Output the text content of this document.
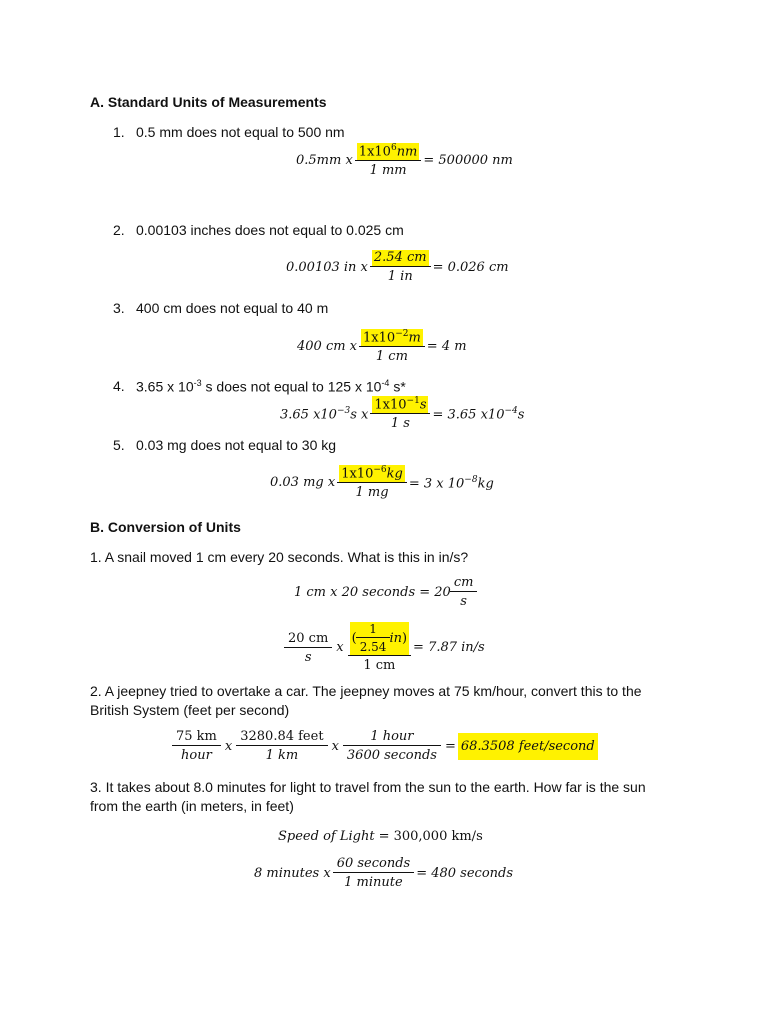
A. Standard Units of Measurements
1. 0.5 mm does not equal to 500 nm
0.5mm x $\frac{1x10^6nm}{1 mm} = 500000$ nm
2. 0.00103 inches does not equal to 0.025 cm
0.00103 in x $\frac{2.54 cm}{1 in} = 0.026$ cm
3. 400 cm does not equal to 40 m
400 cm x $\frac{1x10^{-2}m}{1 cm} = 4$ m
4. 3.65 x $10^{-3}$ s does not equal to 125 x $10^{-4}$ s*
3.65 $x10^{-3}s$ x $\frac{1x10^{-1}s}{1 s} = 3.65$ $x10^{-4}s$
5. 0.03 mg does not equal to 30 kg
0.03 mg x $\frac{1x10^{-6}kg}{1 mg} = 3$ x $10^{-8}kg$
B. Conversion of Units
1. A snail moved 1 cm every 20 seconds. What is this in in/s?
1 cm x 20 seconds = $20 \frac{cm}{s}$
$\frac{20 cm}{s}$ x $\frac{( \frac{1}{2.54} in )}{1 cm} = 7.87$ in/s
2. A jeepney tried to overtake a car. The jeepney moves at 75 km/hour, convert this to the
British System (feet per second)
$\frac{75 km}{\text{hour}}$ x $\frac{\text{3280.84 feet}}{1 km}$ x $\frac{\text{1 hour}}{\text{3600 seconds}} = 68.3508$ feet/second
3. It takes about 8.0 minutes for light to travel from the sun to the earth. How far is the sun
from the earth (in meters, in feet)
Speed of Light = 300,000 km/s
8 minutes x $\frac{\text{60 seconds}}{\text{1 minute}} = 480$ seconds
